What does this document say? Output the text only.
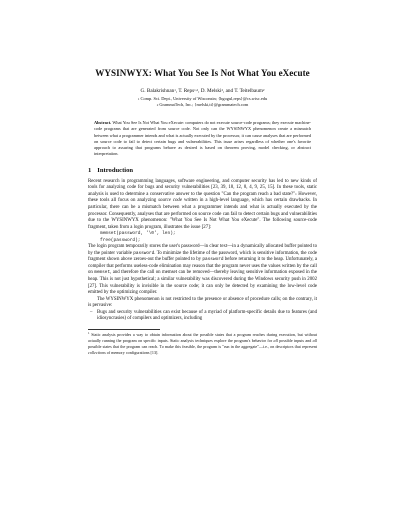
WYSINWYX: What You See Is Not What You eXecute
G. Balakrishnan$^1$, T. Reps$^{1,2}$, D. Melski$^2$, and T. Teitelbaum$^2$
$^1$ Comp. Sci. Dept., University of Wisconsin; {bgogul,reps}@cs.wisc.edu
$^2$ GrammaTech, Inc.; {melski,tt}@grammatech.com
Abstract. What You See Is Not What You eXecute: computers do not execute source-code programs; they execute machine-code programs that are generated from source code. Not only can the WYSINWYX phenomenon create a mismatch between what a programmer intends and what is actually executed by the processor, it can cause analyses that are performed on source code to fail to detect certain bugs and vulnerabilities. This issue arises regardless of whether one's favorite approach to assuring that programs behave as desired is based on theorem proving, model checking, or abstract interpretation.
1 Introduction

Recent research in programming languages, software engineering, and computer security has led to new kinds of tools for analyzing code for bugs and security vulnerabilities [23, 39, 18, 12, 8, 4, 9, 25, 15]. In these tools, static analysis is used to determine a conservative answer to the question "Can the program reach a bad state?"$^1$ However, these tools all focus on analyzing source code written in a high-level language, which has certain drawbacks. In particular, there can be a mismatch between what a programmer intends and what is actually executed by the processor. Consequently, analyses that are performed on source code can fail to detect certain bugs and vulnerabilities due to the WYSINWYX phenomenon: "What You See Is Not What You eXecute". The following source-code fragment, taken from a login program, illustrates the issue [27]:

memset(password, '\0', len);
free(password);

The login program temporarily stores the user's password—in clear text—in a dynamically allocated buffer pointed to by the pointer variable password. To minimize the lifetime of the password, which is sensitive information, the code fragment shown above zeroes-out the buffer pointed to by password before returning it to the heap. Unfortunately, a compiler that performs useless-code elimination may reason that the program never uses the values written by the call on memset, and therefore the call on memset can be removed—thereby leaving sensitive information exposed in the heap. This is not just hypothetical; a similar vulnerability was discovered during the Windows security push in 2002 [27]. This vulnerability is invisible in the source code; it can only be detected by examining the low-level code emitted by the optimizing compiler.

The WYSINWYX phenomenon is not restricted to the presence or absence of procedure calls; on the contrary, it is pervasive:

– Bugs and security vulnerabilities can exist because of a myriad of platform-specific details due to features (and idiosyncrasies) of compilers and optimizers, including
$^1$ Static analysis provides a way to obtain information about the possible states that a program reaches during execution, but without actually running the program on specific inputs. Static analysis techniques explore the program's behavior for all possible inputs and all possible states that the program can reach. To make this feasible, the program is "run in the aggregate"—i.e., on descriptors that represent collections of memory configurations [13].
